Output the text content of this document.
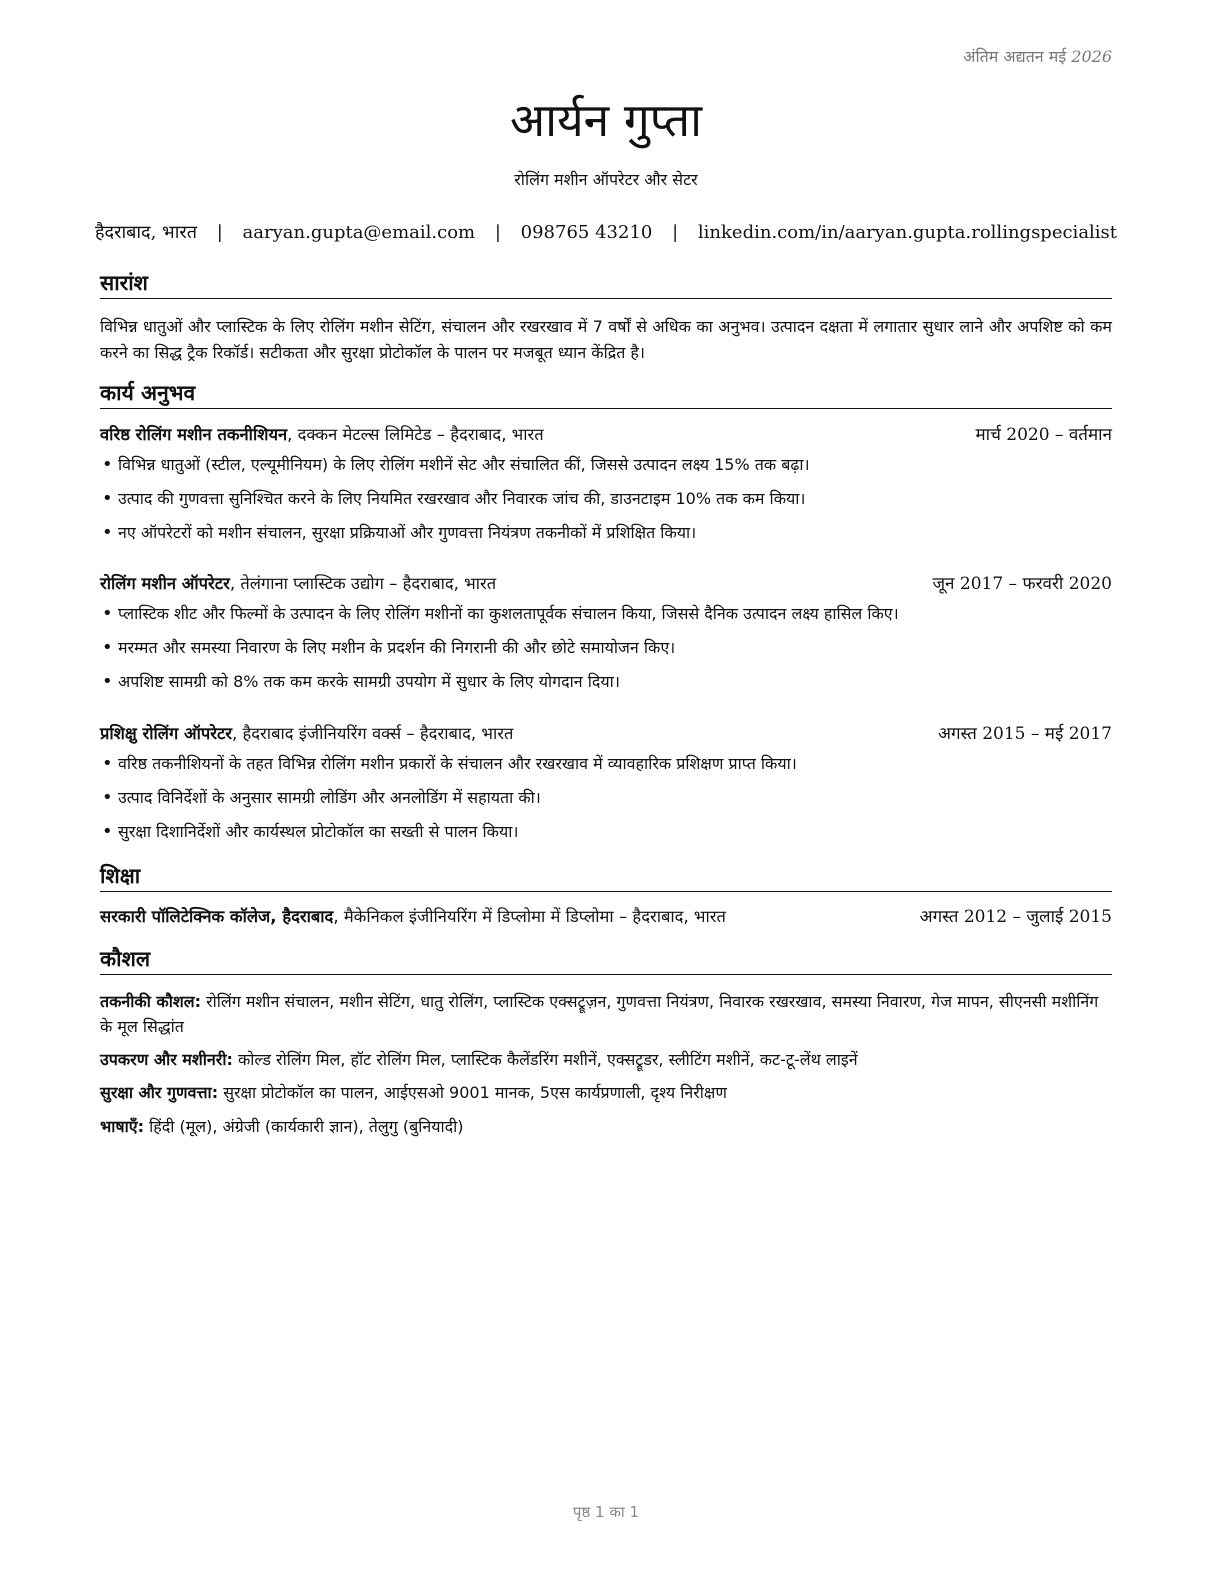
अंतिम अद्यतन मई 2026
आर्यन गुप्ता
रोलिंग मशीन ऑपरेटर और सेटर
हैदराबाद, भारत | aaryan.gupta@email.com | 098765 43210 | linkedin.com/in/aaryan.gupta.rollingspecialist
सारांश
विभिन्न धातुओं और प्लास्टिक के लिए रोलिंग मशीन सेटिंग, संचालन और रखरखाव में 7 वर्षों से अधिक का अनुभव। उत्पादन दक्षता में लगातार सुधार लाने और अपशिष्ट को कम करने का सिद्ध ट्रैक रिकॉर्ड। सटीकता और सुरक्षा प्रोटोकॉल के पालन पर मजबूत ध्यान केंद्रित है।
कार्य अनुभव
वरिष्ठ रोलिंग मशीन तकनीशियन, दक्कन मेटल्स लिमिटेड – हैदराबाद, भारत	मार्च 2020 – वर्तमान
• विभिन्न धातुओं (स्टील, एल्यूमीनियम) के लिए रोलिंग मशीनें सेट और संचालित कीं, जिससे उत्पादन लक्ष्य 15% तक बढ़ा।
• उत्पाद की गुणवत्ता सुनिश्चित करने के लिए नियमित रखरखाव और निवारक जांच की, डाउनटाइम 10% तक कम किया।
• नए ऑपरेटरों को मशीन संचालन, सुरक्षा प्रक्रियाओं और गुणवत्ता नियंत्रण तकनीकों में प्रशिक्षित किया।
रोलिंग मशीन ऑपरेटर, तेलंगाना प्लास्टिक उद्योग – हैदराबाद, भारत	जून 2017 – फरवरी 2020
• प्लास्टिक शीट और फिल्मों के उत्पादन के लिए रोलिंग मशीनों का कुशलतापूर्वक संचालन किया, जिससे दैनिक उत्पादन लक्ष्य हासिल किए।
• मरम्मत और समस्या निवारण के लिए मशीन के प्रदर्शन की निगरानी की और छोटे समायोजन किए।
• अपशिष्ट सामग्री को 8% तक कम करके सामग्री उपयोग में सुधार के लिए योगदान दिया।
प्रशिक्षु रोलिंग ऑपरेटर, हैदराबाद इंजीनियरिंग वर्क्स – हैदराबाद, भारत	अगस्त 2015 – मई 2017
• वरिष्ठ तकनीशियनों के तहत विभिन्न रोलिंग मशीन प्रकारों के संचालन और रखरखाव में व्यावहारिक प्रशिक्षण प्राप्त किया।
• उत्पाद विनिर्देशों के अनुसार सामग्री लोडिंग और अनलोडिंग में सहायता की।
• सुरक्षा दिशानिर्देशों और कार्यस्थल प्रोटोकॉल का सख्ती से पालन किया।
शिक्षा
सरकारी पॉलिटेक्निक कॉलेज, हैदराबाद, मैकेनिकल इंजीनियरिंग में डिप्लोमा में डिप्लोमा – हैदराबाद, भारत	अगस्त 2012 – जुलाई 2015
कौशल
तकनीकी कौशल: रोलिंग मशीन संचालन, मशीन सेटिंग, धातु रोलिंग, प्लास्टिक एक्सट्रूज़न, गुणवत्ता नियंत्रण, निवारक रखरखाव, समस्या निवारण, गेज मापन, सीएनसी मशीनिंग के मूल सिद्धांत
उपकरण और मशीनरी: कोल्ड रोलिंग मिल, हॉट रोलिंग मिल, प्लास्टिक कैलेंडरिंग मशीनें, एक्सट्रूडर, स्लीटिंग मशीनें, कट-टू-लेंथ लाइनें
सुरक्षा और गुणवत्ता: सुरक्षा प्रोटोकॉल का पालन, आईएसओ 9001 मानक, 5एस कार्यप्रणाली, दृश्य निरीक्षण
भाषाएँ: हिंदी (मूल), अंग्रेजी (कार्यकारी ज्ञान), तेलुगु (बुनियादी)
पृष्ठ 1 का 1
